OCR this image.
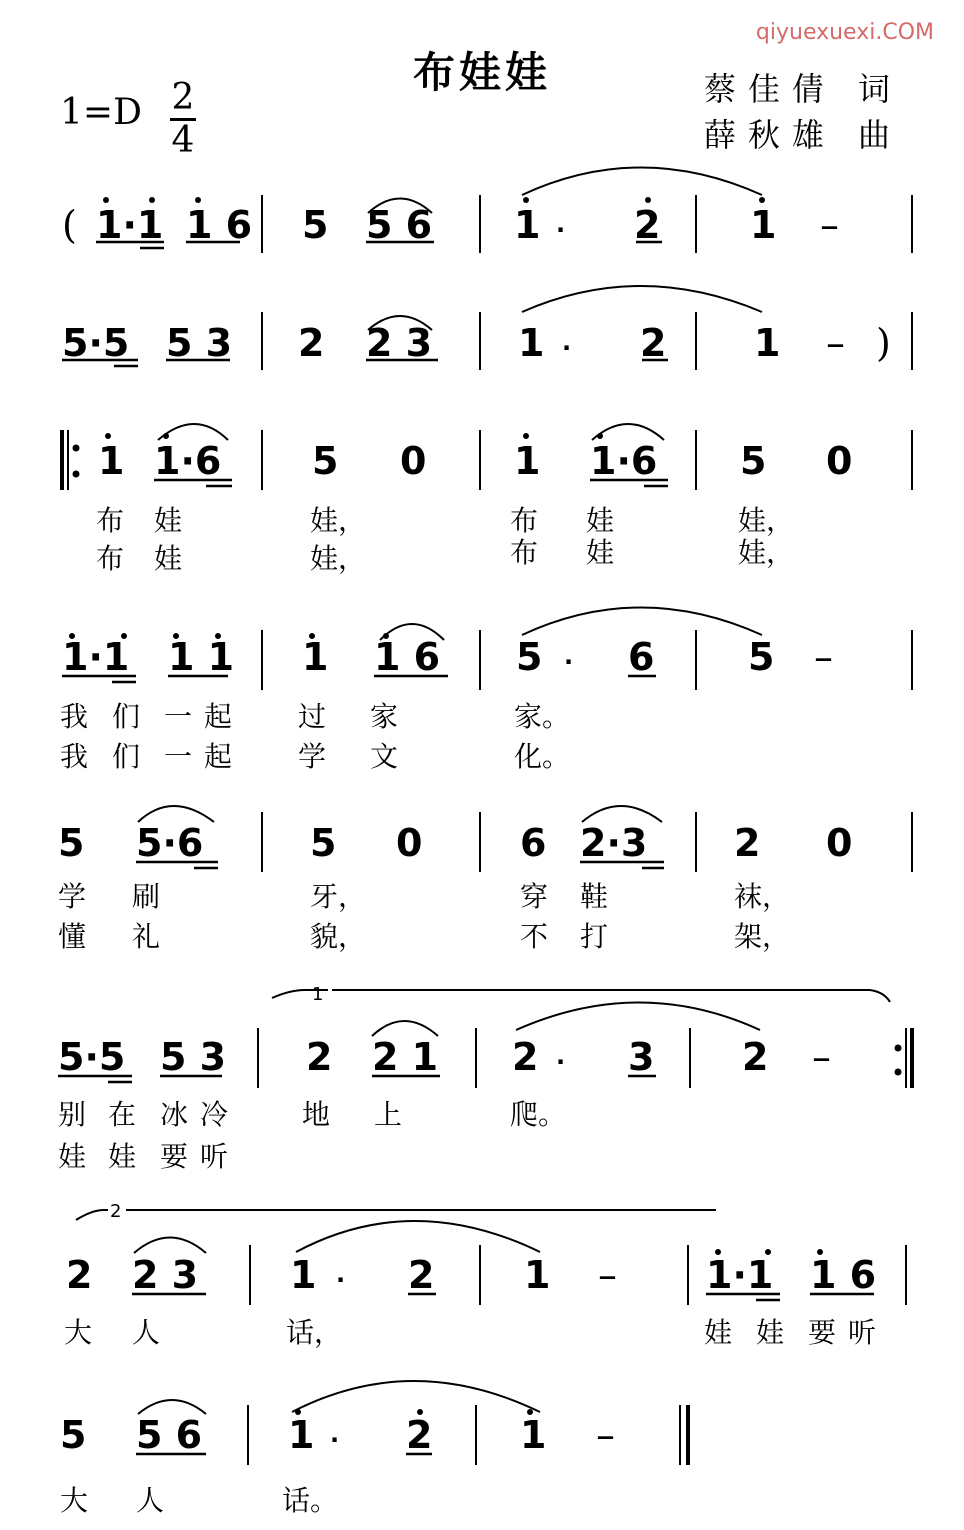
qiyuexuexi.COM
布娃娃
1=D 2
4
蔡佳倩 词
薛秋雄 曲
( 1·1 1 6 5 5 6 1 · 2 1 –
5·5 5 3 2 2 3 1 · 2 1 – )
1 1·6 5 0 1 1·6 5 0
1·1 1 1 1 1 6 5 · 6 5 –
5 5·6	5 0	6 2·3 2 0
5·5 5 3 2 2 1 2 · 3 2 –
2 2 3 1 · 2 1 – 1·1 1 6
5 5 6 1 · 2 1 –
1
2
布 娃	娃，	布 娃	娃，
布 娃	娃，	布 娃	娃，
我 们 一 起 过 家	家。
我 们 一 起 学 文	化。
学 刷	牙，	穿 鞋	袜，
懂 礼	貌，	不 打	架，
别 在 冰 冷	地 上	爬。
娃 娃 要 听
大 人	话，	娃 娃 要 听
大 人	话。
